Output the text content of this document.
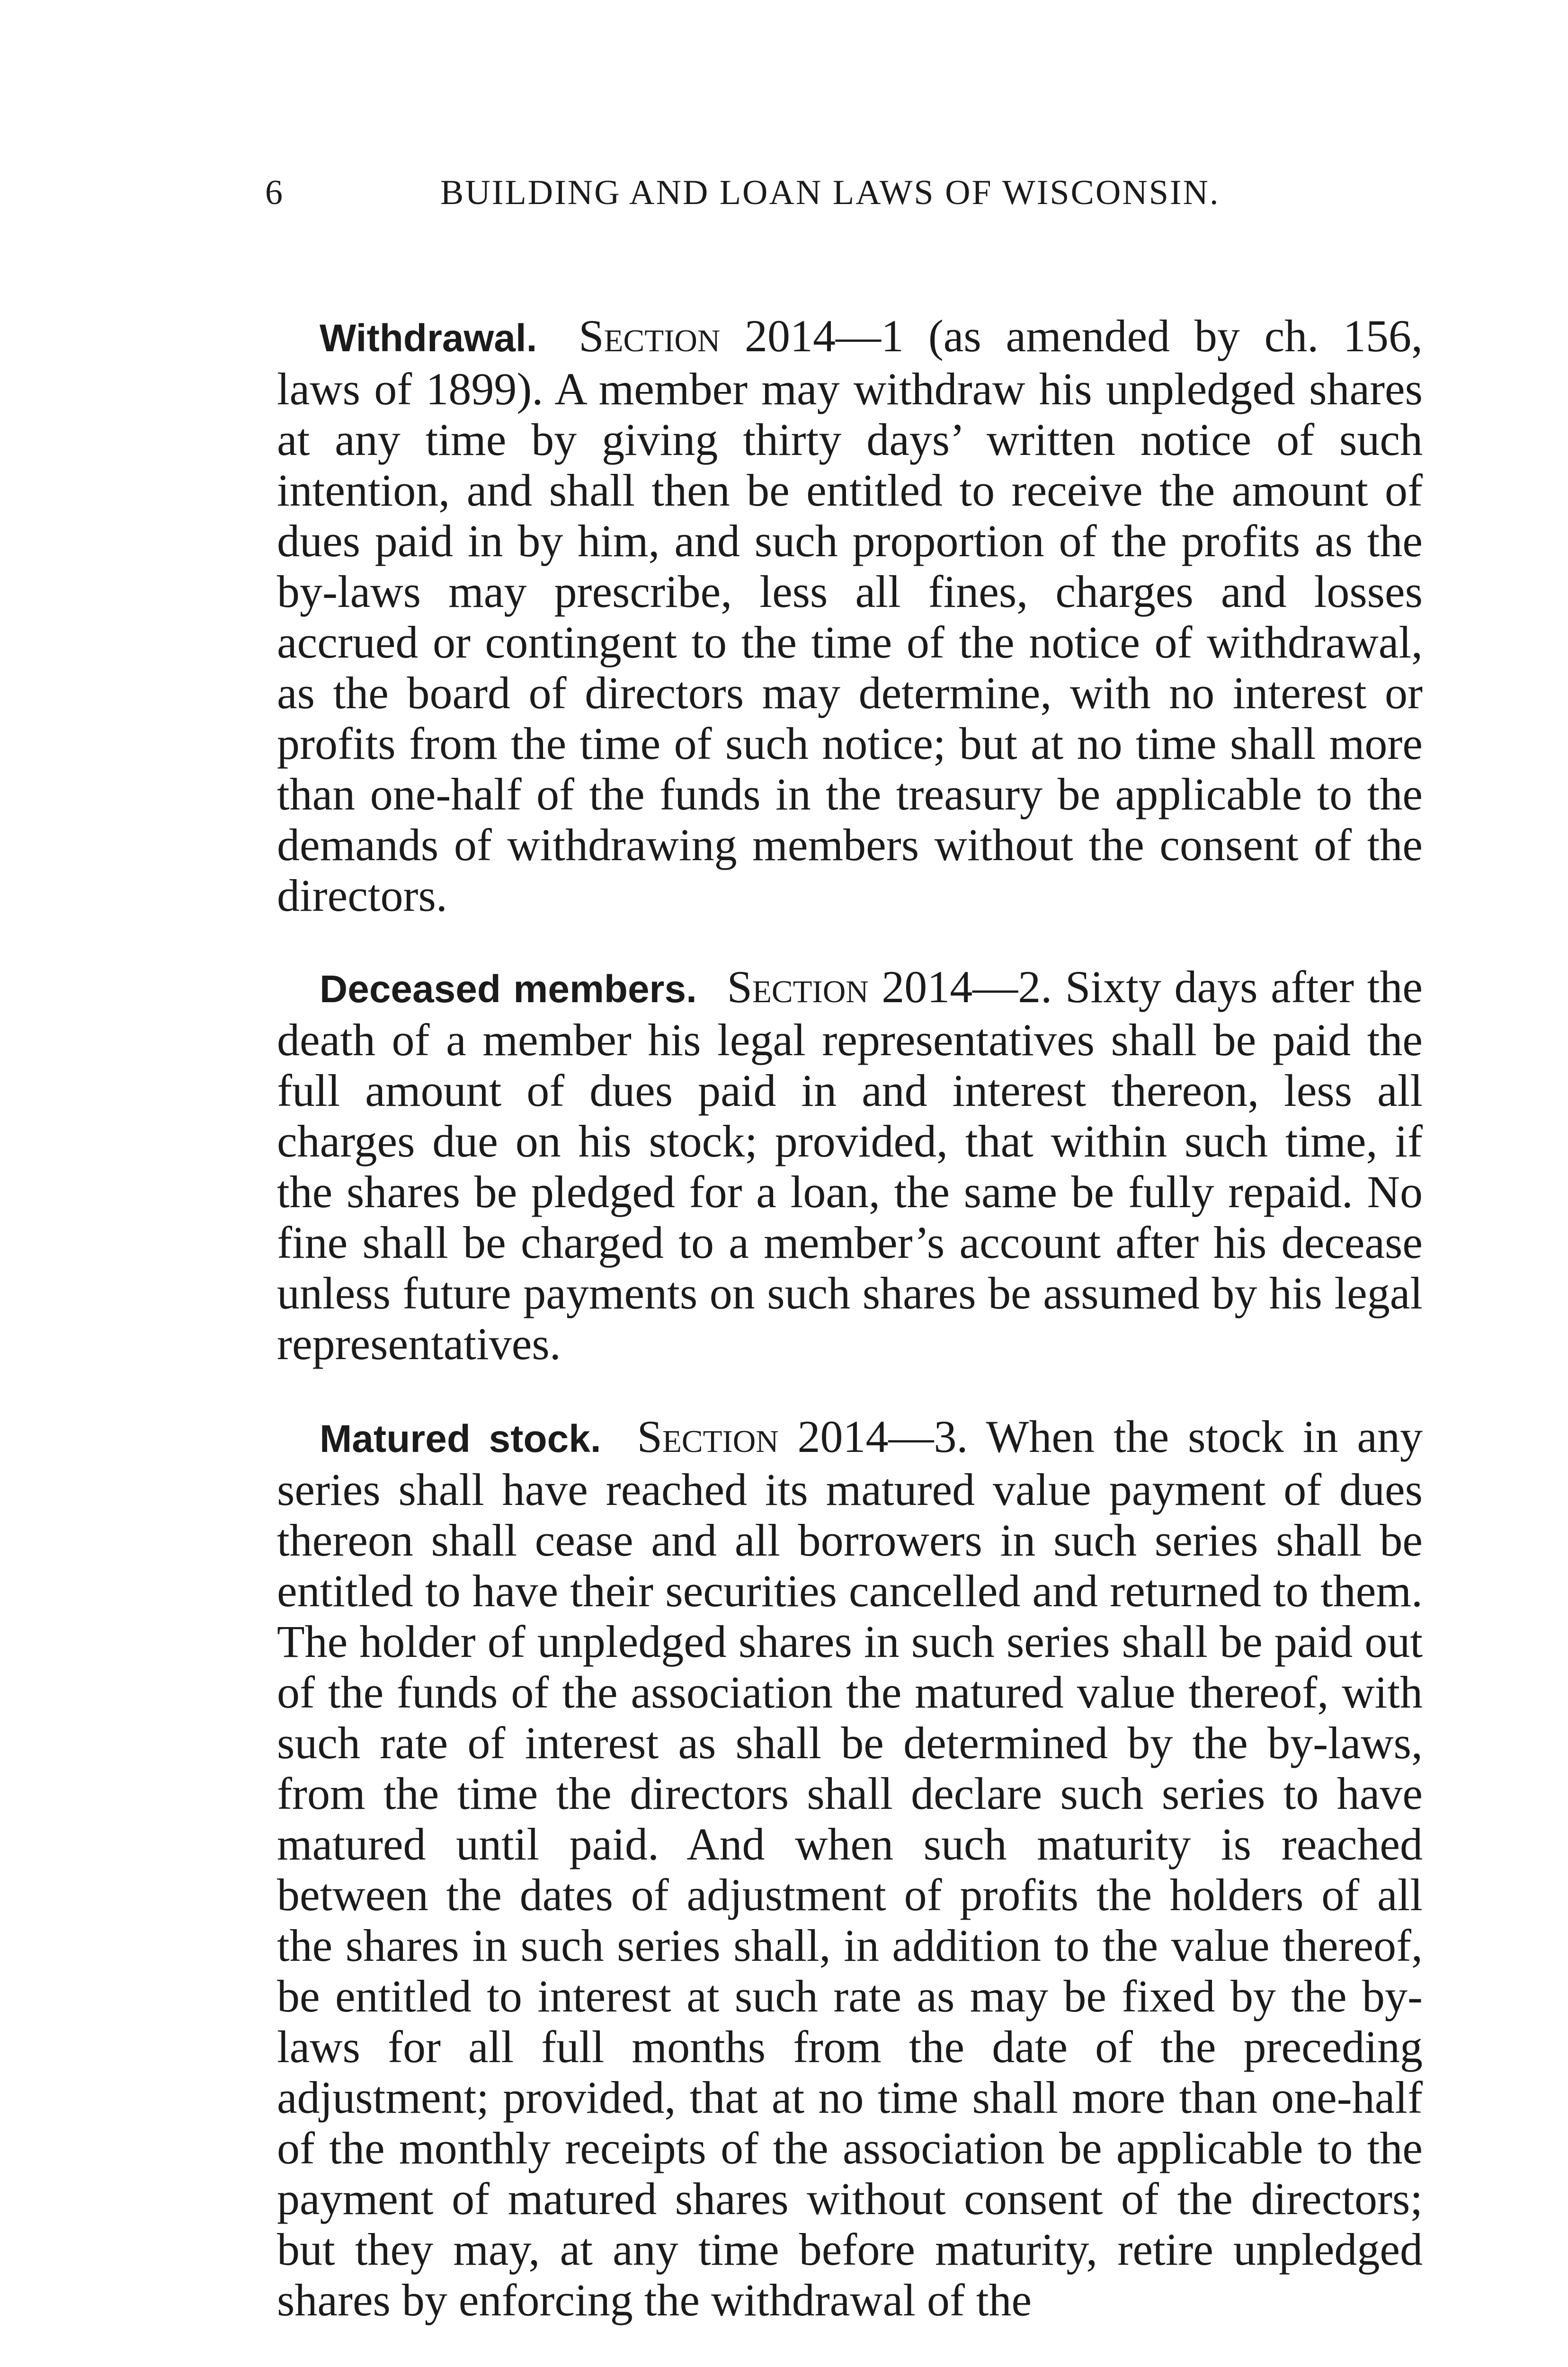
6	BUILDING AND LOAN LAWS OF WISCONSIN.

Withdrawal. Section 2014—1 (as amended by ch. 156, laws of 1899). A member may withdraw his unpledged shares at any time by giving thirty days’ written notice of such intention, and shall then be entitled to receive the amount of dues paid in by him, and such proportion of the profits as the by-laws may prescribe, less all fines, charges and losses accrued or contingent to the time of the notice of withdrawal, as the board of directors may determine, with no interest or profits from the time of such notice; but at no time shall more than one-half of the funds in the treasury be applicable to the demands of withdrawing members without the consent of the directors.

Deceased members. Section 2014—2. Sixty days after the death of a member his legal representatives shall be paid the full amount of dues paid in and interest thereon, less all charges due on his stock; provided, that within such time, if the shares be pledged for a loan, the same be fully repaid. No fine shall be charged to a member’s account after his decease unless future payments on such shares be assumed by his legal representatives.

Matured stock. Section 2014—3. When the stock in any series shall have reached its matured value payment of dues thereon shall cease and all borrowers in such series shall be entitled to have their securities cancelled and returned to them. The holder of unpledged shares in such series shall be paid out of the funds of the association the matured value thereof, with such rate of interest as shall be determined by the by-laws, from the time the directors shall declare such series to have matured until paid. And when such maturity is reached between the dates of adjustment of profits the holders of all the shares in such series shall, in addition to the value thereof, be entitled to interest at such rate as may be fixed by the by-laws for all full months from the date of the preceding adjustment; provided, that at no time shall more than one-half of the monthly receipts of the association be applicable to the payment of matured shares without consent of the directors; but they may, at any time before maturity, retire unpledged shares by enforcing the withdrawal of the
